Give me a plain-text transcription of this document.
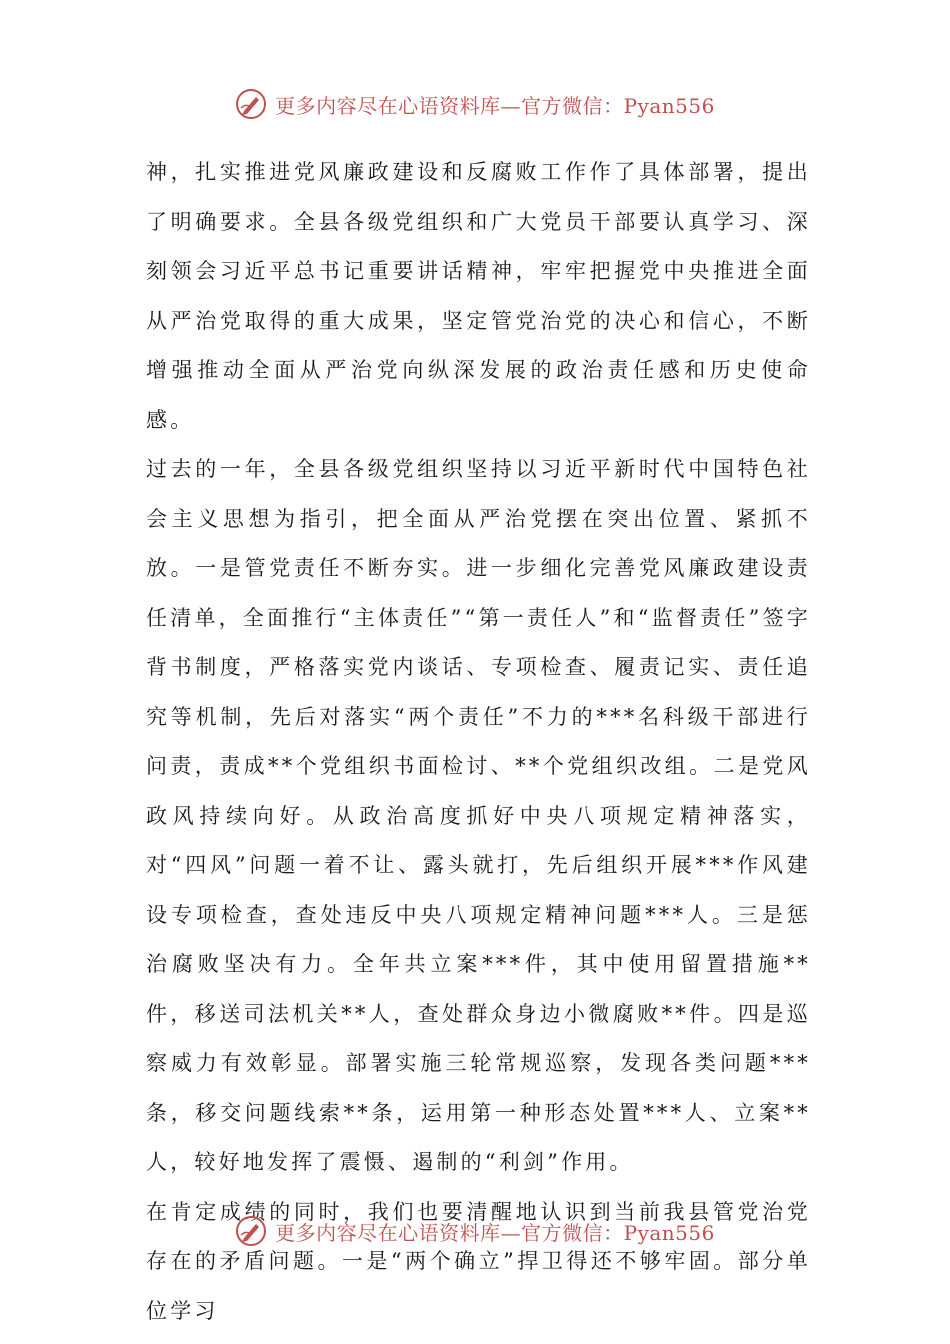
更多内容尽在心语资料库—官方微信：Pyan556

神，扎实推进党风廉政建设和反腐败工作作了具体部署，提出了明确要求。全县各级党组织和广大党员干部要认真学习、深刻领会习近平总书记重要讲话精神，牢牢把握党中央推进全面从严治党取得的重大成果，坚定管党治党的决心和信心，不断增强推动全面从严治党向纵深发展的政治责任感和历史使命感。

过去的一年，全县各级党组织坚持以习近平新时代中国特色社会主义思想为指引，把全面从严治党摆在突出位置、紧抓不放。一是管党责任不断夯实。进一步细化完善党风廉政建设责任清单，全面推行“主体责任”“第一责任人”和“监督责任”签字背书制度，严格落实党内谈话、专项检查、履责记实、责任追究等机制，先后对落实“两个责任”不力的***名科级干部进行问责，责成**个党组织书面检讨、**个党组织改组。二是党风政风持续向好。从政治高度抓好中央八项规定精神落实，对“四风”问题一着不让、露头就打，先后组织开展***作风建设专项检查，查处违反中央八项规定精神问题***人。三是惩治腐败坚决有力。全年共立案***件，其中使用留置措施**件，移送司法机关**人，查处群众身边小微腐败**件。四是巡察威力有效彰显。部署实施三轮常规巡察，发现各类问题***条，移交问题线索**条，运用第一种形态处置***人、立案**人，较好地发挥了震慑、遏制的“利剑”作用。

在肯定成绩的同时，我们也要清醒地认识到当前我县管党治党存在的矛盾问题。一是“两个确立”捍卫得还不够牢固。部分单位学习

更多内容尽在心语资料库—官方微信：Pyan556
